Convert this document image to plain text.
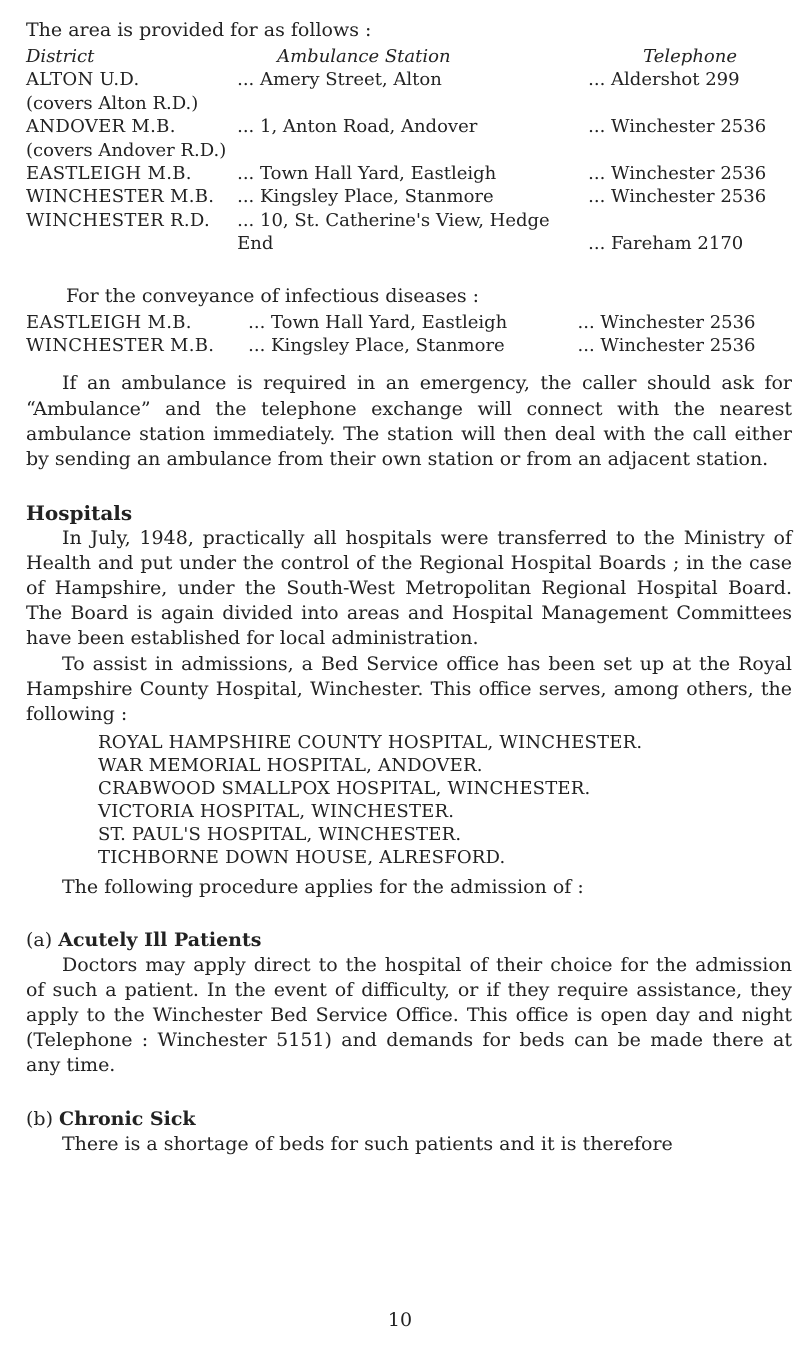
The area is provided for as follows :

District	Ambulance Station	Telephone

ALTON U.D.
(covers Alton R.D.)	... Amery Street, Alton	... Aldershot 299

ANDOVER M.B.
(covers Andover R.D.)	... 1, Anton Road, Andover	... Winchester 2536

EASTLEIGH M.B.	... Town Hall Yard, Eastleigh	... Winchester 2536

WINCHESTER M.B.	... Kingsley Place, Stanmore	... Winchester 2536

WINCHESTER R.D.	... 10, St. Catherine's View, Hedge End	... Fareham 2170

For the conveyance of infectious diseases :

EASTLEIGH M.B.	... Town Hall Yard, Eastleigh	... Winchester 2536
WINCHESTER M.B.	... Kingsley Place, Stanmore	... Winchester 2536

If an ambulance is required in an emergency, the caller should ask for “Ambulance” and the telephone exchange will connect with the nearest ambulance station immediately. The station will then deal with the call either by sending an ambulance from their own station or from an adjacent station.

Hospitals

In July, 1948, practically all hospitals were transferred to the Ministry of Health and put under the control of the Regional Hospital Boards ; in the case of Hampshire, under the South-West Metropolitan Regional Hospital Board. The Board is again divided into areas and Hospital Management Committees have been established for local administration.

To assist in admissions, a Bed Service office has been set up at the Royal Hampshire County Hospital, Winchester. This office serves, among others, the following :

ROYAL HAMPSHIRE COUNTY HOSPITAL, WINCHESTER.
WAR MEMORIAL HOSPITAL, ANDOVER.
CRABWOOD SMALLPOX HOSPITAL, WINCHESTER.
VICTORIA HOSPITAL, WINCHESTER.
ST. PAUL'S HOSPITAL, WINCHESTER.
TICHBORNE DOWN HOUSE, ALRESFORD.

The following procedure applies for the admission of :

(a) Acutely Ill Patients

Doctors may apply direct to the hospital of their choice for the admission of such a patient. In the event of difficulty, or if they require assistance, they apply to the Winchester Bed Service Office. This office is open day and night (Telephone : Winchester 5151) and demands for beds can be made there at any time.

(b) Chronic Sick

There is a shortage of beds for such patients and it is therefore

10
